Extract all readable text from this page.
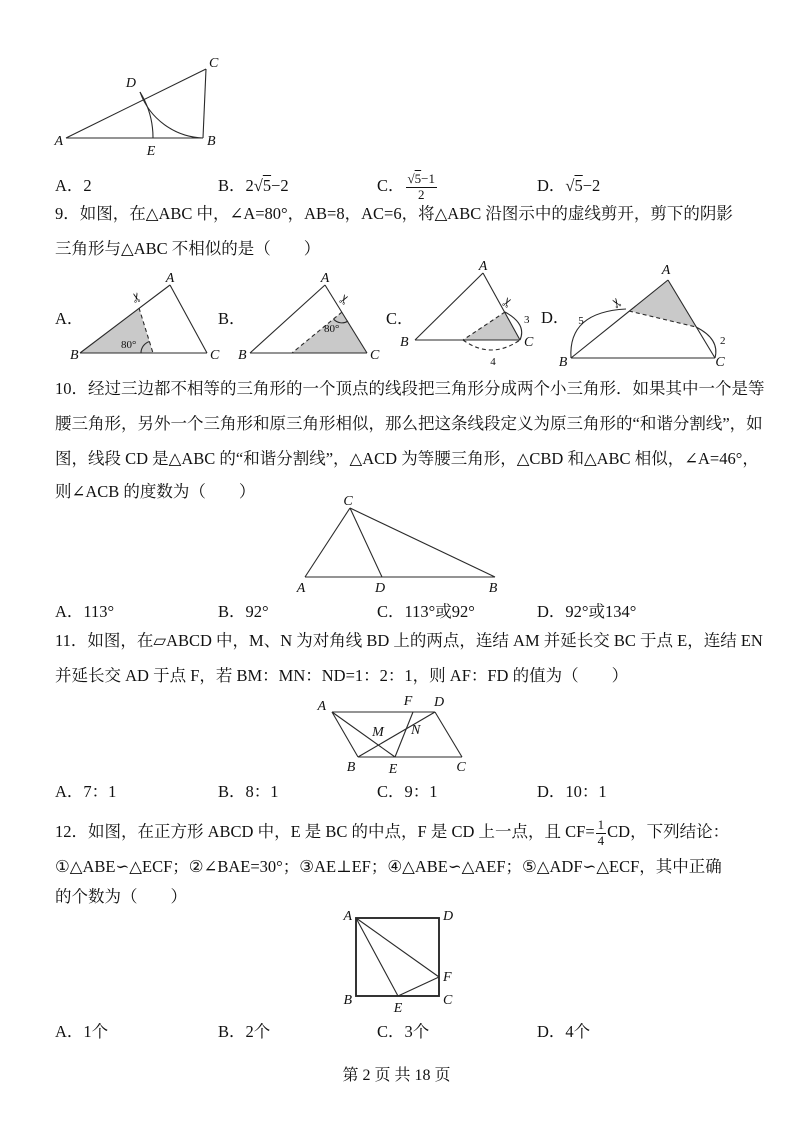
A	B
C
D
E
A．2	B．2√5−2	C． $\frac{√5-1}{2}$	D．√5−2
9．如图，在△ABC 中，∠A=80°，AB=8，AC=6，将△ABC 沿图示中的虚线剪开，剪下的阴影
三角形与△ABC 不相似的是（　　）
A．
80°
✂
A
B	C
B．
80°
✂
A
B	C
C．	3
4
✂
A
B	C
D． 5
2
✂
A
B	C
10．经过三边都不相等的三角形的一个顶点的线段把三角形分成两个小三角形．如果其中一个是等
腰三角形，另外一个三角形和原三角形相似，那么把这条线段定义为原三角形的“和谐分割线”，如
图，线段 CD 是△ABC 的“和谐分割线”，△ACD 为等腰三角形，△CBD 和△ABC 相似，∠A=46°，
则∠ACB 的度数为（　　）
A	D	B
C
A．113°	B．92°	C．113°或92°	D．92°或134°
11．如图，在▱ABCD 中，M、N 为对角线 BD 上的两点，连结 AM 并延长交 BC 于点 E，连结 EN
并延长交 AD 于点 F，若 BM：MN：ND=1：2：1，则 AF：FD 的值为（　　）
A	F D
M N
B E	C
A．7：1	B．8：1	C．9：1	D．10：1
12．如图，在正方形 ABCD 中，E 是 BC 的中点，F 是 CD 上一点，且 $CF= \frac{1}{4}$ CD，下列结论：
①△ABE∽△ECF；②∠BAE=30°；③AE⊥EF；④△ABE∽△AEF；⑤△ADF∽△ECF，其中正确
的个数为（　　）
A	D
B	C
E
F
A．1个	B．2个	C．3个	D．4个
第 2 页 共 18 页
